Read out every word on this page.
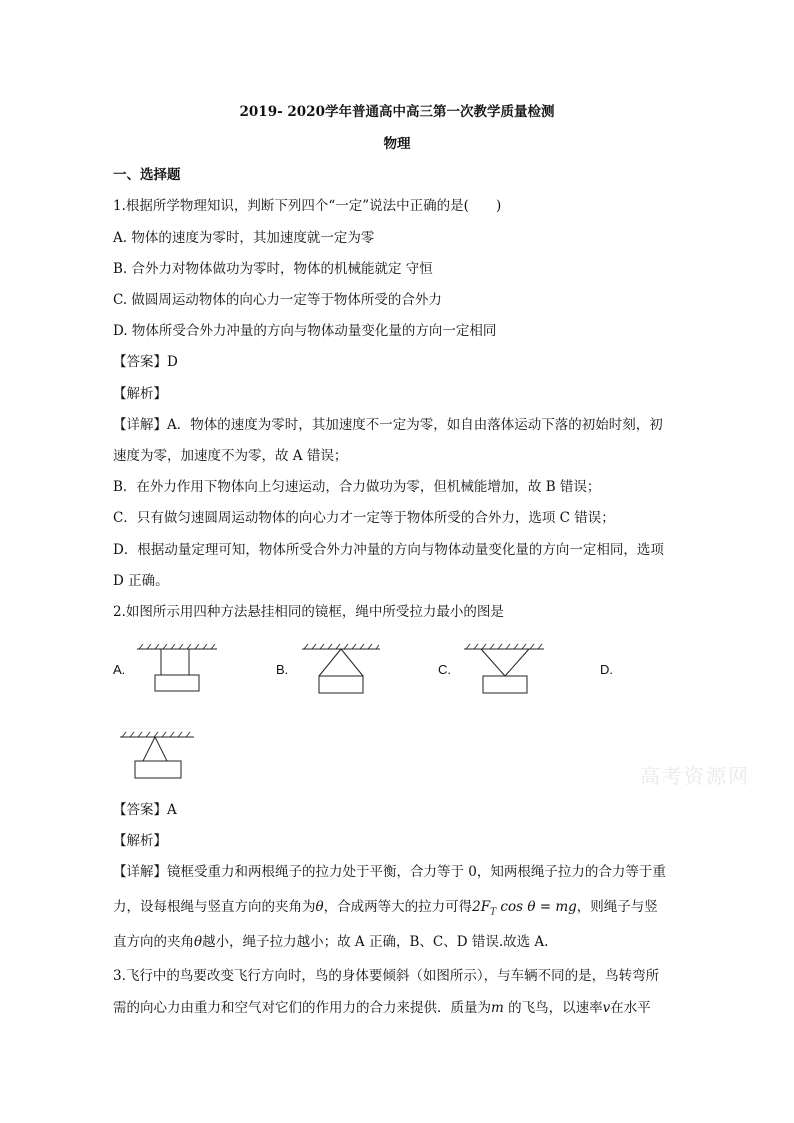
2019- 2020学年普通高中高三第一次教学质量检测
物理
一、选择题
1.根据所学物理知识，判断下列四个“一定”说法中正确的是(　　)
A. 物体的速度为零时，其加速度就一定为零
B. 合外力对物体做功为零时，物体的机械能就定 守恒
C. 做圆周运动物体的向心力一定等于物体所受的合外力
D. 物体所受合外力冲量的方向与物体动量变化量的方向一定相同
【答案】D
【解析】
【详解】A．物体的速度为零时，其加速度不一定为零，如自由落体运动下落的初始时刻，初
速度为零，加速度不为零，故 A 错误；
B．在外力作用下物体向上匀速运动，合力做功为零，但机械能增加，故 B 错误；
C．只有做匀速圆周运动物体的向心力才一定等于物体所受的合外力，选项 C 错误；
D．根据动量定理可知，物体所受合外力冲量的方向与物体动量变化量的方向一定相同，选项
D 正确。
2.如图所示用四种方法悬挂相同的镜框，绳中所受拉力最小的图是
A.	B.	C.	D.
高考资源网
【答案】A
【解析】
【详解】镜框受重力和两根绳子的拉力处于平衡，合力等于 0，知两根绳子拉力的合力等于重
力，设每根绳与竖直方向的夹角为θ，合成两等大的拉力可得$2F_T$ cos θ = mg，则绳子与竖
直方向的夹角θ越小，绳子拉力越小；故 A 正确，B、C、D 错误.故选 A.
3.飞行中的鸟要改变飞行方向时，鸟的身体要倾斜（如图所示），与车辆不同的是，鸟转弯所
需的向心力由重力和空气对它们的作用力的合力来提供．质量为m 的飞鸟，以速率v在水平
